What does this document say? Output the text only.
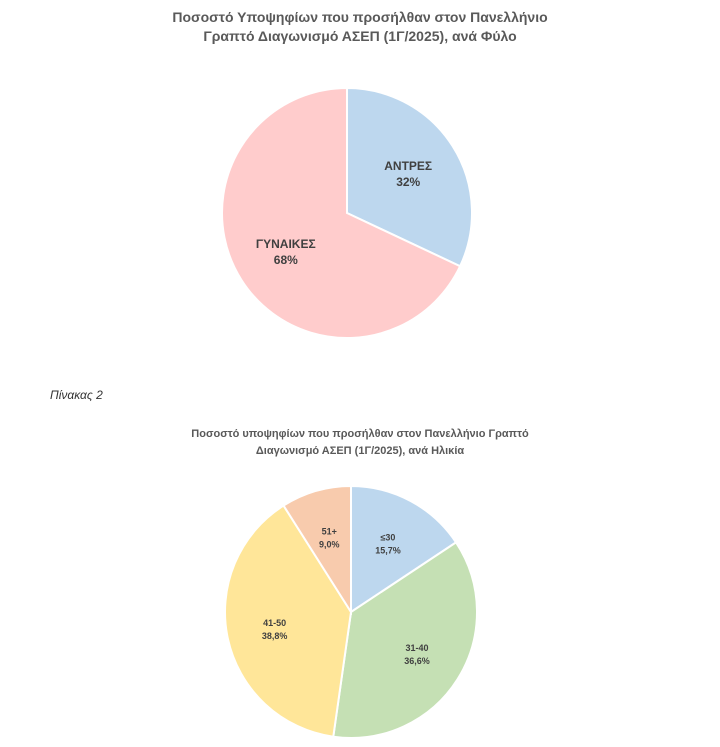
Ποσοστό Υποψηφίων που προσήλθαν στον Πανελλήνιο
Γραπτό Διαγωνισμό ΑΣΕΠ (1Γ/2025), ανά Φύλο
ΑΝΤΡΕΣ
32%
ΓΥΝΑΙΚΕΣ
68%
Πίνακας 2
Ποσοστό υποψηφίων που προσήλθαν στον Πανελλήνιο Γραπτό
Διαγωνισμό ΑΣΕΠ (1Γ/2025), ανά Ηλικία
≤30
15,7%
31-40
36,6%
41-50
38,8%
51+
9,0%
